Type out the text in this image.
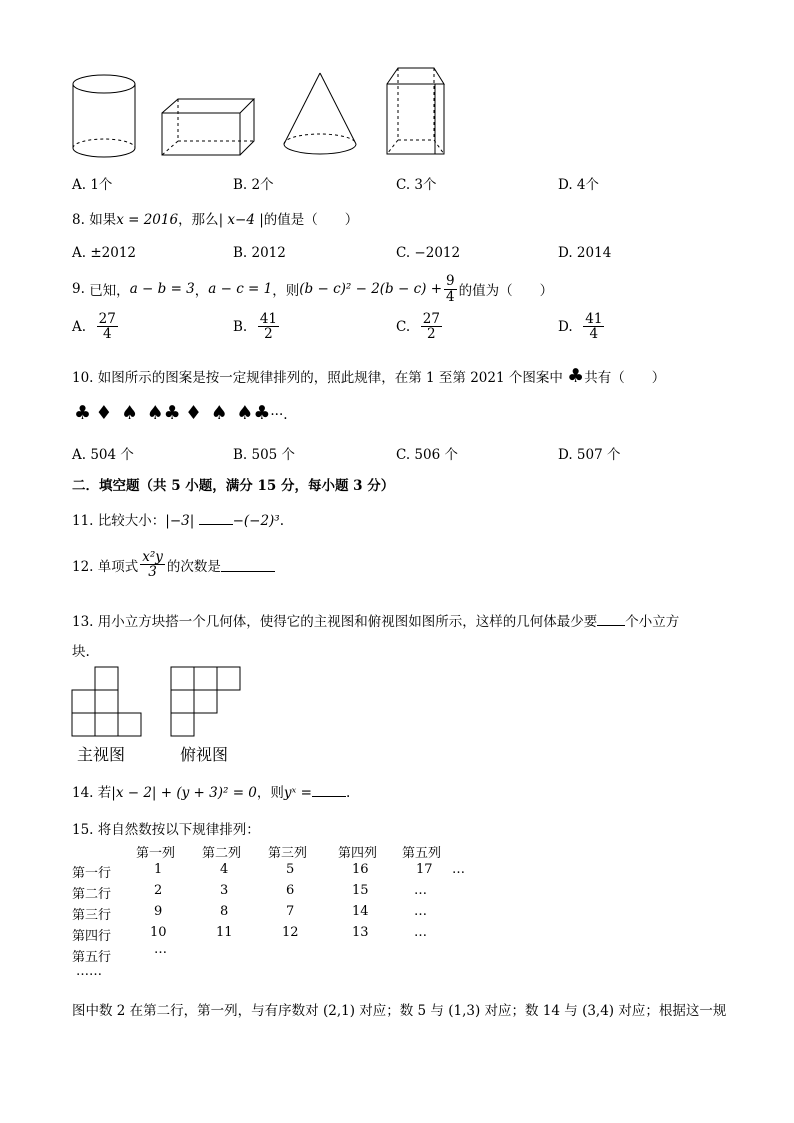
A. 1个	B. 2个	C. 3个	D. 4个
8. 如果x = 2016，那么| x−4 |的值是（　　）
A. ±2012	B. 2012	C. −2012	D. 2014
9.
已知， a − b = 3 ， a − c = 1 ，则 $(b - c)^2 - 2(b - c) + \frac{9}{4}$ 的值为（　　）
A.
$\frac{27}{4}$	B.
$\frac{41}{2}$	C.
$\frac{27}{2}$	D.
$\frac{41}{4}$
10. 如图所示的图案是按一定规律排列的，照此规律，在第 1 至第 2021 个图案中 ♣共有（　　）
♣ ♦ ♠ ♠♣ ♦ ♠ ♠♣···.
A. 504 个	B. 505 个	C. 506 个	D. 507 个
二．填空题（共 5 小题，满分 15 分，每小题 3 分）
11. 比较大小：|−3|	−(−2)³.
12. 单项式 $\frac{\text{x²y}}{3}$ 的次数是
13. 用小立方块搭一个几何体，使得它的主视图和俯视图如图所示，这样的几何体最少要 个小立方
块.
主视图	俯视图
14. 若|x − 2| + (y + 3)² = 0，则yˣ =	.
15. 将自然数按以下规律排列：
第一列 第二列 第三列 第四列 第五列
第一行	1	4	5	16	17 …
第二行	2	3	6	15	…
第三行	9	8	7	14	…
第四行	10	11	12	13	…
第五行
…
……
图中数 2 在第二行，第一列，与有序数对 (2,1) 对应；数 5 与 (1,3) 对应；数 14 与 (3,4) 对应；根据这一规
